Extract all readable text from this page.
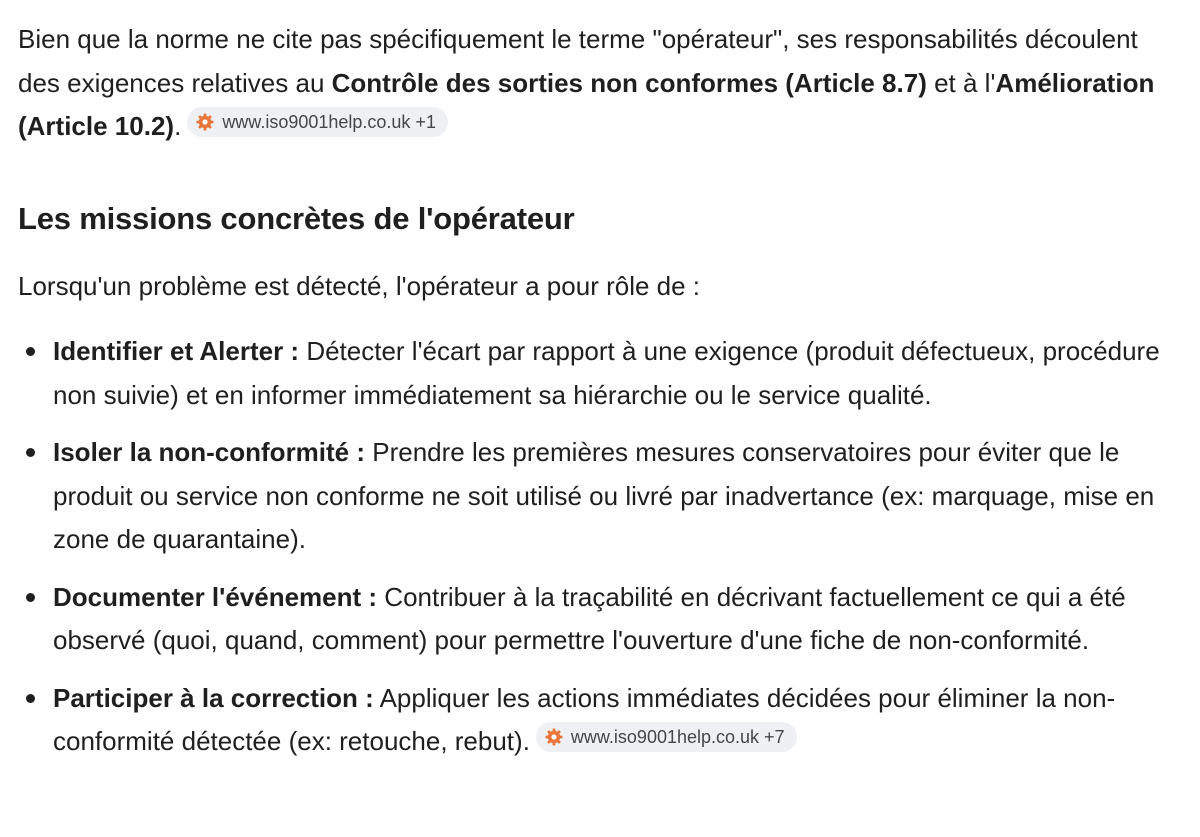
Bien que la norme ne cite pas spécifiquement le terme "opérateur", ses responsabilités découlent des exigences relatives au Contrôle des sorties non conformes (Article 8.7) et à l'Amélioration (Article 10.2). www.iso9001help.co.uk +1

Les missions concrètes de l'opérateur

Lorsqu'un problème est détecté, l'opérateur a pour rôle de :

Identifier et Alerter : Détecter l'écart par rapport à une exigence (produit défectueux, procédure non suivie) et en informer immédiatement sa hiérarchie ou le service qualité.
Isoler la non-conformité : Prendre les premières mesures conservatoires pour éviter que le produit ou service non conforme ne soit utilisé ou livré par inadvertance (ex: marquage, mise en zone de quarantaine).
Documenter l'événement : Contribuer à la traçabilité en décrivant factuellement ce qui a été observé (quoi, quand, comment) pour permettre l'ouverture d'une fiche de non-conformité.
Participer à la correction : Appliquer les actions immédiates décidées pour éliminer la non-conformité détectée (ex: retouche, rebut). www.iso9001help.co.uk +7
